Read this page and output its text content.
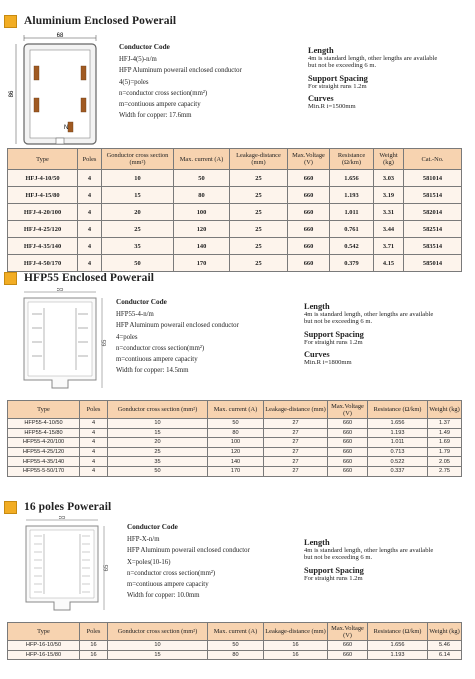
Aluminium Enclosed Powerail
68
86
N
Conductor Code
HFJ-4(5)-n/m
HFP Aluminum powerail enclosed conductor
4(5)=poles
n=conductor cross section(mm²)
m=contiuous ampere capacity
Width for copper: 17.6mm
Length
4m is standard length, other lengths are available
but not be exceeding 6 m.
Support Spacing
For straight runs 1.2m
Curves
Min.R i=1500mm
Type	Poles	Gonductor cross section (mm²)	Max. current (A)	Leakage-distance (mm)	Max.Voltage (V)	Resistance (Ω/km)	Weight (kg)	Cat.-No.
HFJ-4-10/50	4	10	50	25	660	1.656	3.03	581014
HFJ-4-15/80	4	15	80	25	660	1.193	3.19	581514
HFJ-4-20/100	4	20	100	25	660	1.011	3.31	582014
HFJ-4-25/120	4	25	120	25	660	0.761	3.44	582514
HFJ-4-35/140	4	35	140	25	660	0.542	3.71	583514
HFJ-4-50/170	4	50	170	25	660	0.379	4.15	585014
HFP55 Enclosed Powerail
55
65
Conductor Code
HFP55-4-n/m
HFP Aluminum powerail enclosed conductor
4=poles
n=conductor cross section(mm²)
m=contiuous ampere capacity
Width for copper: 14.5mm
Length
4m is standard length, other lengths are available
but not be exceeding 6 m.
Support Spacing
For straight runs 1.2m
Curves
Min.R i=1800mm
Type	Poles	Gonductor cross section (mm²)	Max. current (A)	Leakage-distance (mm)	Max.Voltage (V)	Resistance (Ω/km)	Weight (kg)
HFP55-4-10/50	4	10	50	27	660	1.656	1.37
HFP55-4-15/80	4	15	80	27	660	1.193	1.49
HFP55-4-20/100	4	20	100	27	660	1.011	1.69
HFP55-4-25/120	4	25	120	27	660	0.713	1.79
HFP55-4-35/140	4	35	140	27	660	0.522	2.05
HFP55-5-50/170	4	50	170	27	660	0.337	2.75
16 poles Powerail
55
65
Conductor Code
HFP-X-n/m
HFP Aluminum powerail enclosed conductor
X=poles(10-16)
n=conductor cross section(mm²)
m=contiuous ampere capacity
Width for copper: 10.0mm
Length
4m is standard length, other lengths are available
but not be exceeding 6 m.
Support Spacing
For straight runs 1.2m
Type	Poles	Gonductor cross section (mm²)	Max. current (A)	Leakage-distance (mm)	Max.Voltage (V)	Resistance (Ω/km)	Weight (kg)
HFP-16-10/50	16	10	50	16	660	1.656	5.46
HFP-16-15/80	16	15	80	16	660	1.193	6.14
